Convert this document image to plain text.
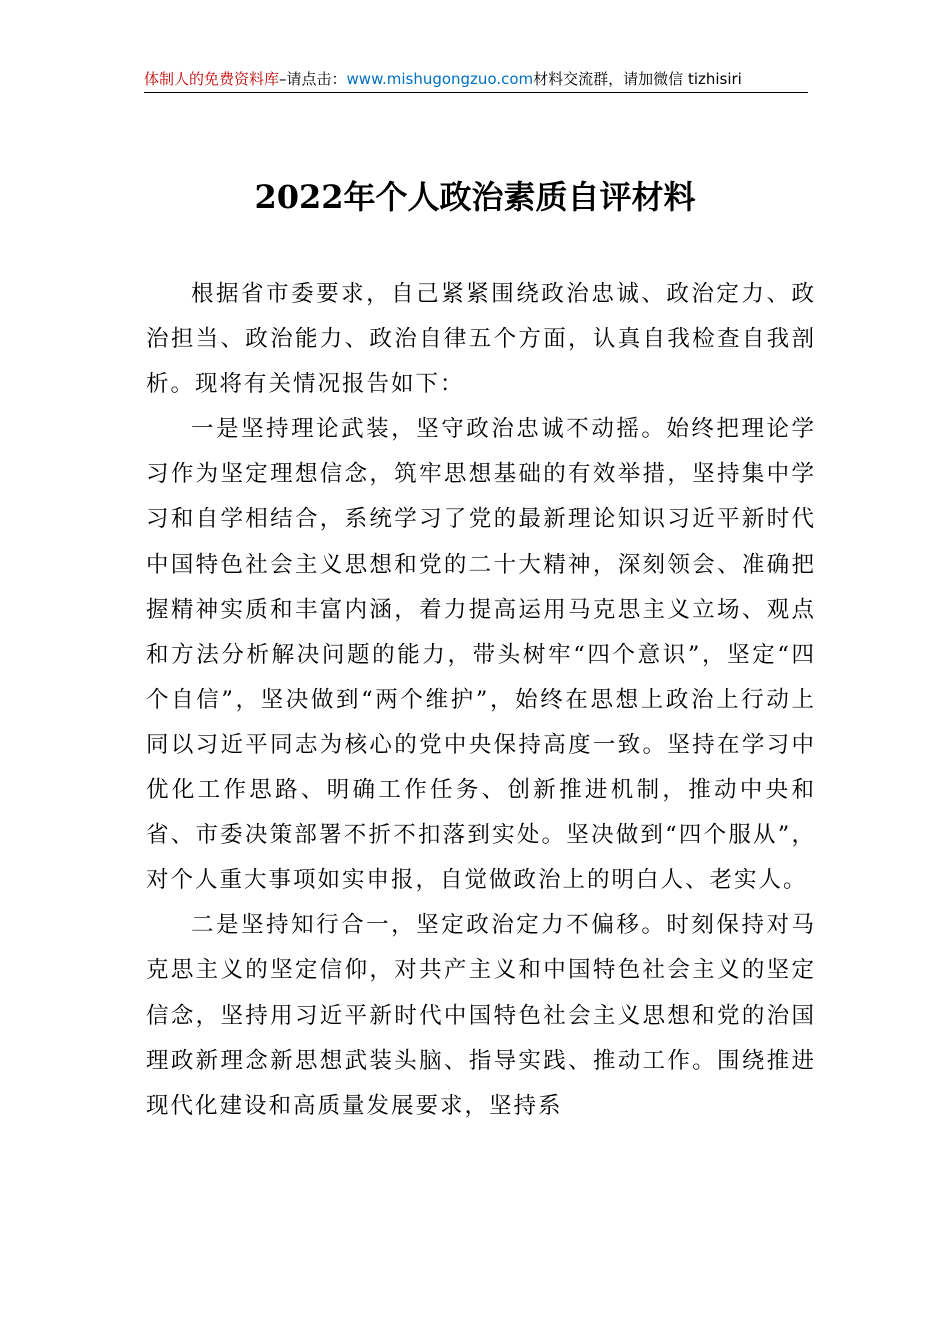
体制人的免费资料库–请点击：www.mishugongzuo.com材料交流群，请加微信 tizhisiri
2022年个人政治素质自评材料

根据省市委要求，自己紧紧围绕政治忠诚、政治定力、政治担当、政治能力、政治自律五个方面，认真自我检查自我剖析。现将有关情况报告如下：

一是坚持理论武装，坚守政治忠诚不动摇。始终把理论学习作为坚定理想信念，筑牢思想基础的有效举措，坚持集中学习和自学相结合，系统学习了党的最新理论知识习近平新时代中国特色社会主义思想和党的二十大精神，深刻领会、准确把握精神实质和丰富内涵，着力提高运用马克思主义立场、观点和方法分析解决问题的能力，带头树牢“四个意识”，坚定“四个自信”，坚决做到“两个维护”，始终在思想上政治上行动上同以习近平同志为核心的党中央保持高度一致。坚持在学习中优化工作思路、明确工作任务、创新推进机制，推动中央和省、市委决策部署不折不扣落到实处。坚决做到“四个服从”，对个人重大事项如实申报，自觉做政治上的明白人、老实人。

二是坚持知行合一，坚定政治定力不偏移。时刻保持对马克思主义的坚定信仰，对共产主义和中国特色社会主义的坚定信念，坚持用习近平新时代中国特色社会主义思想和党的治国理政新理念新思想武装头脑、指导实践、推动工作。围绕推进现代化建设和高质量发展要求，坚持系
